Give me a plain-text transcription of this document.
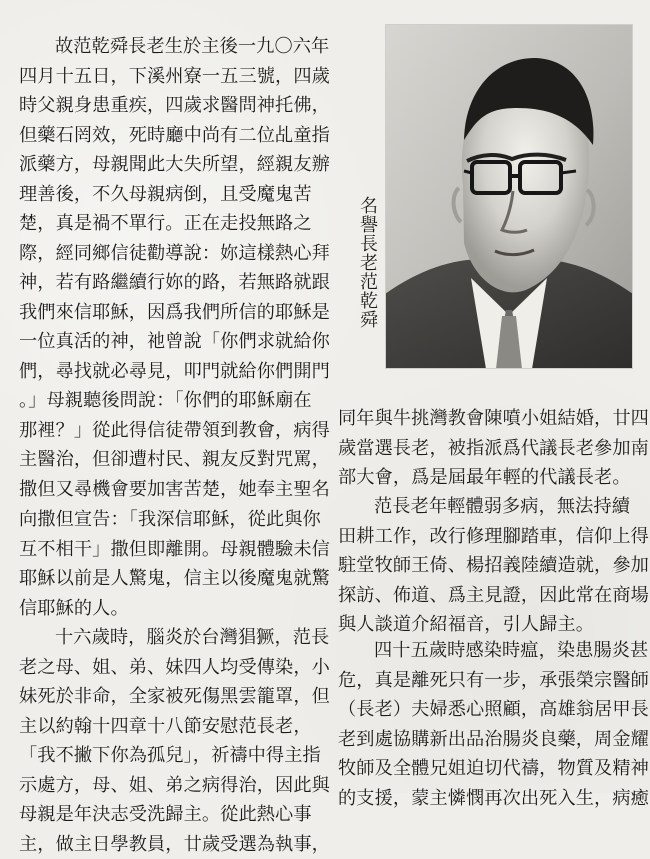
故范乾舜長老生於主後一九〇六年
四月十五日，下溪州寮一五三號，四歲
時父親身患重疾，四歲求醫問神托佛，
但藥石罔效，死時廳中尚有二位乩童指
派藥方，母親聞此大失所望，經親友辦
理善後，不久母親病倒，且受魔鬼苦
楚，真是禍不單行。正在走投無路之
際，經同鄉信徒勸導說：妳這樣熱心拜
神，若有路繼續行妳的路，若無路就跟
我們來信耶穌，因爲我們所信的耶穌是
一位真活的神，祂曾說「你們求就給你
們，尋找就必尋見，叩門就給你們開門
。」母親聽後問說：「你們的耶穌廟在
那裡？」從此得信徒帶領到教會，病得
主醫治，但卻遭村民、親友反對咒罵，
撒但又尋機會要加害苦楚，她奉主聖名
向撒但宣告：「我深信耶穌，從此與你
互不相干」撒但即離開。母親體驗未信
耶穌以前是人驚鬼，信主以後魔鬼就驚
信耶穌的人。
十六歲時，腦炎於台灣猖獗，范長
老之母、姐、弟、妹四人均受傳染，小
妹死於非命，全家被死傷黑雲籠罩，但
主以約翰十四章十八節安慰范長老，
「我不撇下你為孤兒」，祈禱中得主指
示處方，母、姐、弟之病得治，因此與
母親是年決志受洗歸主。從此熱心事
主，做主日學教員，廿歲受選為執事，
同年與牛挑灣教會陳噴小姐結婚，廿四
歲當選長老，被指派爲代議長老參加南
部大會，爲是屆最年輕的代議長老。
范長老年輕體弱多病，無法持續
田耕工作，改行修理腳踏車，信仰上得
駐堂牧師王倚、楊招義陸續造就，參加
探訪、佈道、爲主見證，因此常在商場
與人談道介紹福音，引人歸主。
四十五歲時感染時瘟，染患腸炎甚
危，真是離死只有一步，承張榮宗醫師
（長老）夫婦悉心照顧，高雄翁居甲長
老到處協購新出品治腸炎良藥，周金耀
牧師及全體兄姐迫切代禱，物質及精神
的支援，蒙主憐憫再次出死入生，病癒
名譽長老范乾舜
